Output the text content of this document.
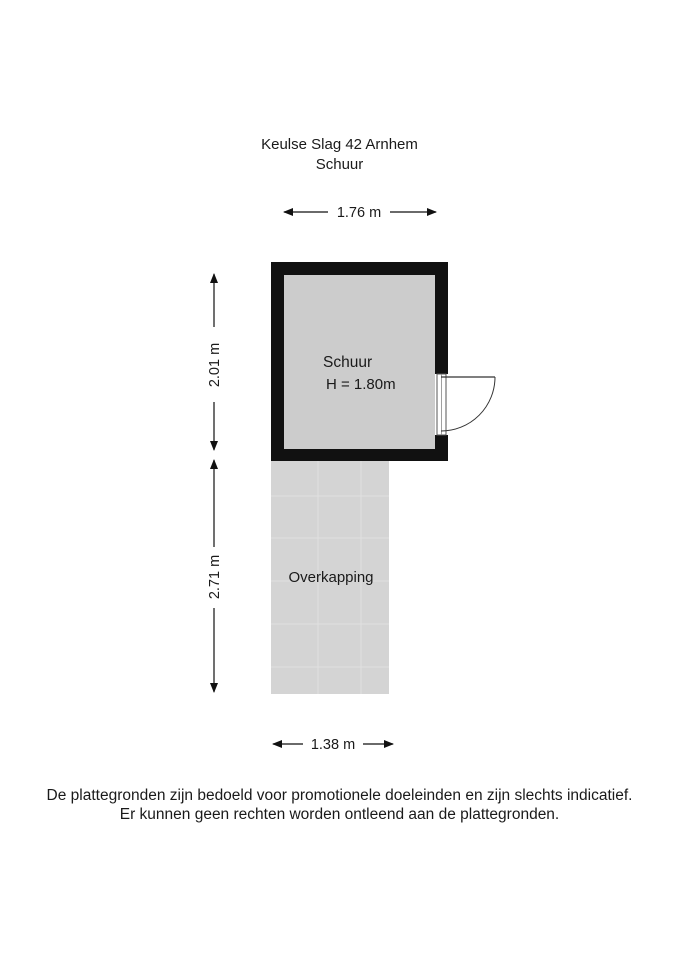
Keulse Slag 42 Arnhem
Schuur
Schuur
H = 1.80m
Overkapping
1.76 m
2.01 m
2.71 m
1.38 m
De plattegronden zijn bedoeld voor promotionele doeleinden en zijn slechts indicatief.
Er kunnen geen rechten worden ontleend aan de plattegronden.
